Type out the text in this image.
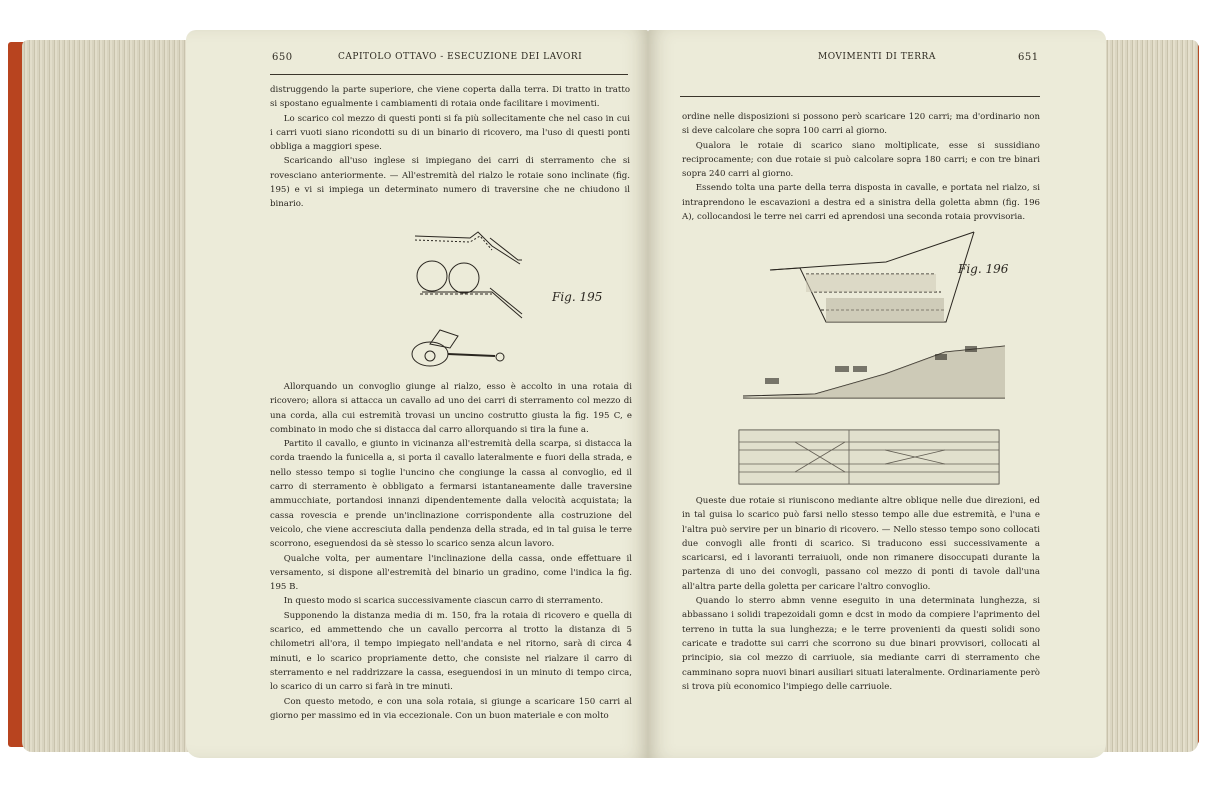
650	CAPITOLO OTTAVO - ESECUZIONE DEI LAVORI

distruggendo la parte superiore, che viene coperta dalla terra. Di tratto in tratto si spostano egualmente i cambiamenti di rotaia onde facilitare i movimenti.

Lo scarico col mezzo di questi ponti si fa più sollecitamente che nel caso in cui i carri vuoti siano ricondotti su di un binario di ricovero, ma l'uso di questi ponti obbliga a maggiori spese.

Scaricando all'uso inglese si impiegano dei carri di sterramento che si rovesciano anteriormente. — All'estremità del rialzo le rotaie sono inclinate (fig. 195) e vi si impiega un determinato numero di traversine che ne chiudono il binario.

Fig. 195

Allorquando un convoglio giunge al rialzo, esso è accolto in una rotaia di ricovero; allora si attacca un cavallo ad uno dei carri di sterramento col mezzo di una corda, alla cui estremità trovasi un uncino costrutto giusta la fig. 195 C, e combinato in modo che si distacca dal carro allorquando si tira la fune a.

Partito il cavallo, e giunto in vicinanza all'estremità della scarpa, si distacca la corda traendo la funicella a, si porta il cavallo lateralmente e fuori della strada, e nello stesso tempo si toglie l'uncino che congiunge la cassa al convoglio, ed il carro di sterramento è obbligato a fermarsi istantaneamente dalle traversine ammucchiate, portandosi innanzi dipendentemente dalla velocità acquistata; la cassa rovescia e prende un'inclinazione corrispondente alla costruzione del veicolo, che viene accresciuta dalla pendenza della strada, ed in tal guisa le terre scorrono, eseguendosi da sè stesso lo scarico senza alcun lavoro.

Qualche volta, per aumentare l'inclinazione della cassa, onde effettuare il versamento, si dispone all'estremità del binario un gradino, come l'indica la fig. 195 B.

In questo modo si scarica successivamente ciascun carro di sterramento.

Supponendo la distanza media di m. 150, fra la rotaia di ricovero e quella di scarico, ed ammettendo che un cavallo percorra al trotto la distanza di 5 chilometri all'ora, il tempo impiegato nell'andata e nel ritorno, sarà di circa 4 minuti, e lo scarico propriamente detto, che consiste nel rialzare il carro di sterramento e nel raddrizzare la cassa, eseguendosi in un minuto di tempo circa, lo scarico di un carro si farà in tre minuti.

Con questo metodo, e con una sola rotaia, si giunge a scaricare 150 carri al giorno per massimo ed in via eccezionale. Con un buon materiale e con molto

MOVIMENTI DI TERRA	651

ordine nelle disposizioni si possono però scaricare 120 carri; ma d'ordinario non si deve calcolare che sopra 100 carri al giorno.

Qualora le rotaie di scarico siano moltiplicate, esse si sussidiano reciprocamente; con due rotaie si può calcolare sopra 180 carri; e con tre binari sopra 240 carri al giorno.

Essendo tolta una parte della terra disposta in cavalle, e portata nel rialzo, si intraprendono le escavazioni a destra ed a sinistra della goletta abmn (fig. 196 A), collocandosi le terre nei carri ed aprendosi una seconda rotaia provvisoria.

Fig. 196

Queste due rotaie si riuniscono mediante altre oblique nelle due direzioni, ed in tal guisa lo scarico può farsi nello stesso tempo alle due estremità, e l'una e l'altra può servire per un binario di ricovero. — Nello stesso tempo sono collocati due convogli alle fronti di scarico. Si traducono essi successivamente a scaricarsi, ed i lavoranti terraiuoli, onde non rimanere disoccupati durante la partenza di uno dei convogli, passano col mezzo di ponti di tavole dall'una all'altra parte della goletta per caricare l'altro convoglio.

Quando lo sterro abmn venne eseguito in una determinata lunghezza, si abbassano i solidi trapezoidali gomn e dcst in modo da compiere l'aprimento del terreno in tutta la sua lunghezza; e le terre provenienti da questi solidi sono caricate e tradotte sui carri che scorrono su due binari provvisori, collocati al principio, sia col mezzo di carriuole, sia mediante carri di sterramento che camminano sopra nuovi binari ausiliari situati lateralmente. Ordinariamente però si trova più economico l'impiego delle carriuole.
